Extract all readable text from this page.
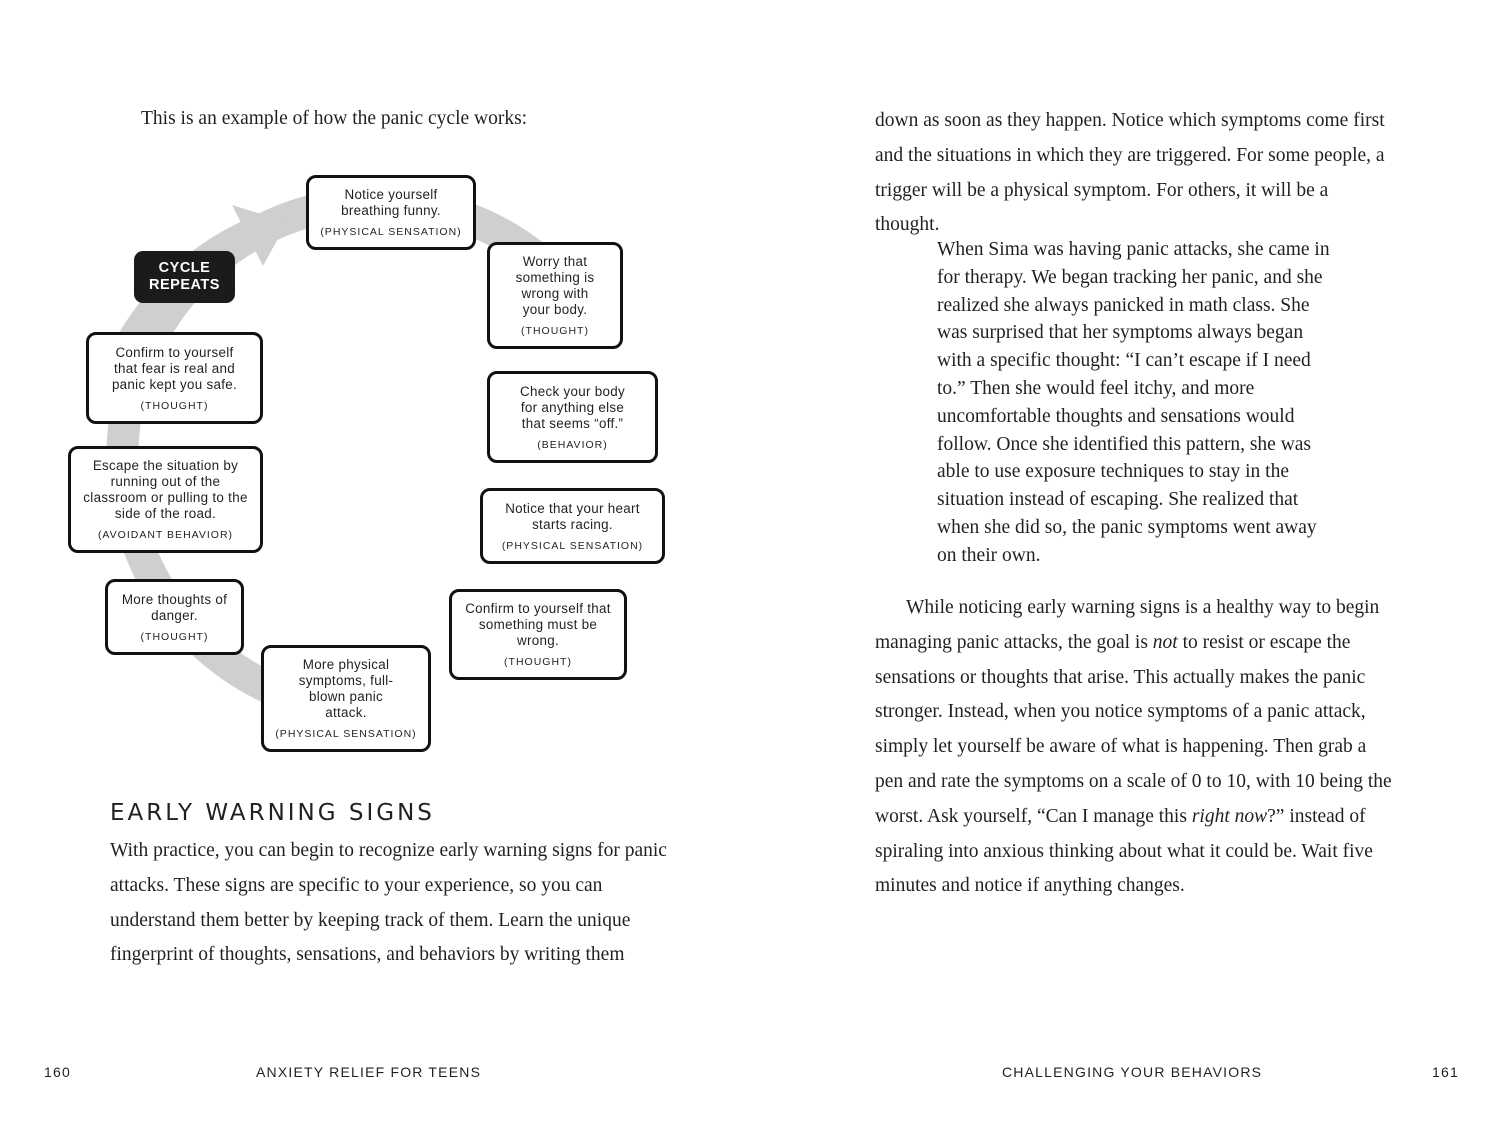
This is an example of how the panic cycle works:

CYCLE
REPEATS
Notice yourself breathing funny.
(PHYSICAL SENSATION)
Worry that something is wrong with your body.
(THOUGHT)
Check your body for anything else that seems “off.”
(BEHAVIOR)
Notice that your heart starts racing.
(PHYSICAL SENSATION)
Confirm to yourself that something must be wrong.
(THOUGHT)
More physical symptoms, full-blown panic attack.
(PHYSICAL SENSATION)
More thoughts of danger.
(THOUGHT)
Escape the situation by running out of the classroom or pulling to the side of the road.
(AVOIDANT BEHAVIOR)
Confirm to yourself that fear is real and panic kept you safe.
(THOUGHT)
EARLY WARNING SIGNS

With practice, you can begin to recognize early warning signs for panic attacks. These signs are specific to your experience, so you can understand them better by keeping track of them. Learn the unique fingerprint of thoughts, sensations, and behaviors by writing them

160	ANXIETY RELIEF FOR TEENS

down as soon as they happen. Notice which symptoms come first and the situations in which they are triggered. For some people, a trigger will be a physical symptom. For others, it will be a thought.

When Sima was having panic attacks, she came in for therapy. We began tracking her panic, and she realized she always panicked in math class. She was surprised that her symptoms always began with a specific thought: “I can’t escape if I need to.” Then she would feel itchy, and more uncomfortable thoughts and sensations would follow. Once she identified this pattern, she was able to use exposure techniques to stay in the situation instead of escaping. She realized that when she did so, the panic symptoms went away on their own.

While noticing early warning signs is a healthy way to begin managing panic attacks, the goal is not to resist or escape the sensations or thoughts that arise. This actually makes the panic stronger. Instead, when you notice symptoms of a panic attack, simply let yourself be aware of what is happening. Then grab a pen and rate the symptoms on a scale of 0 to 10, with 10 being the worst. Ask yourself, “Can I manage this right now?” instead of spiraling into anxious thinking about what it could be. Wait five minutes and notice if anything changes.

CHALLENGING YOUR BEHAVIORS	161
